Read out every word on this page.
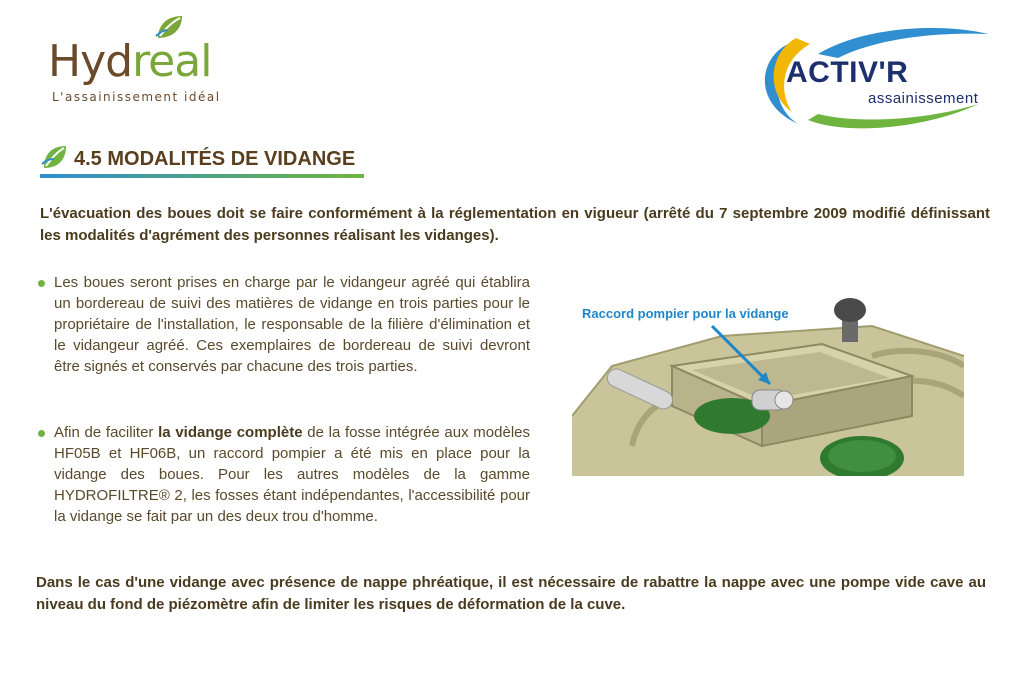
Hydreal
L'assainissement idéal
ACTIV'R
assainissement
4.5 MODALITÉS DE VIDANGE
L'évacuation des boues doit se faire conformément à la réglementation en vigueur (arrêté du 7 septembre 2009 modifié définissant les modalités d'agrément des personnes réalisant les vidanges).
Les boues seront prises en charge par le vidangeur agréé qui établira un bordereau de suivi des matières de vidange en trois parties pour le propriétaire de l'installation, le responsable de la filière d'élimination et le vidangeur agréé. Ces exemplaires de bordereau de suivi devront être signés et conservés par chacune des trois parties.
Afin de faciliter la vidange complète de la fosse intégrée aux modèles HF05B et HF06B, un raccord pompier a été mis en place pour la vidange des boues. Pour les autres modèles de la gamme HYDROFILTRE® 2, les fosses étant indépendantes, l'accessibilité pour la vidange se fait par un des deux trou d'homme.
Raccord pompier pour la vidange
Dans le cas d'une vidange avec présence de nappe phréatique, il est nécessaire de rabattre la nappe avec une pompe vide cave au niveau du fond de piézomètre afin de limiter les risques de déformation de la cuve.
